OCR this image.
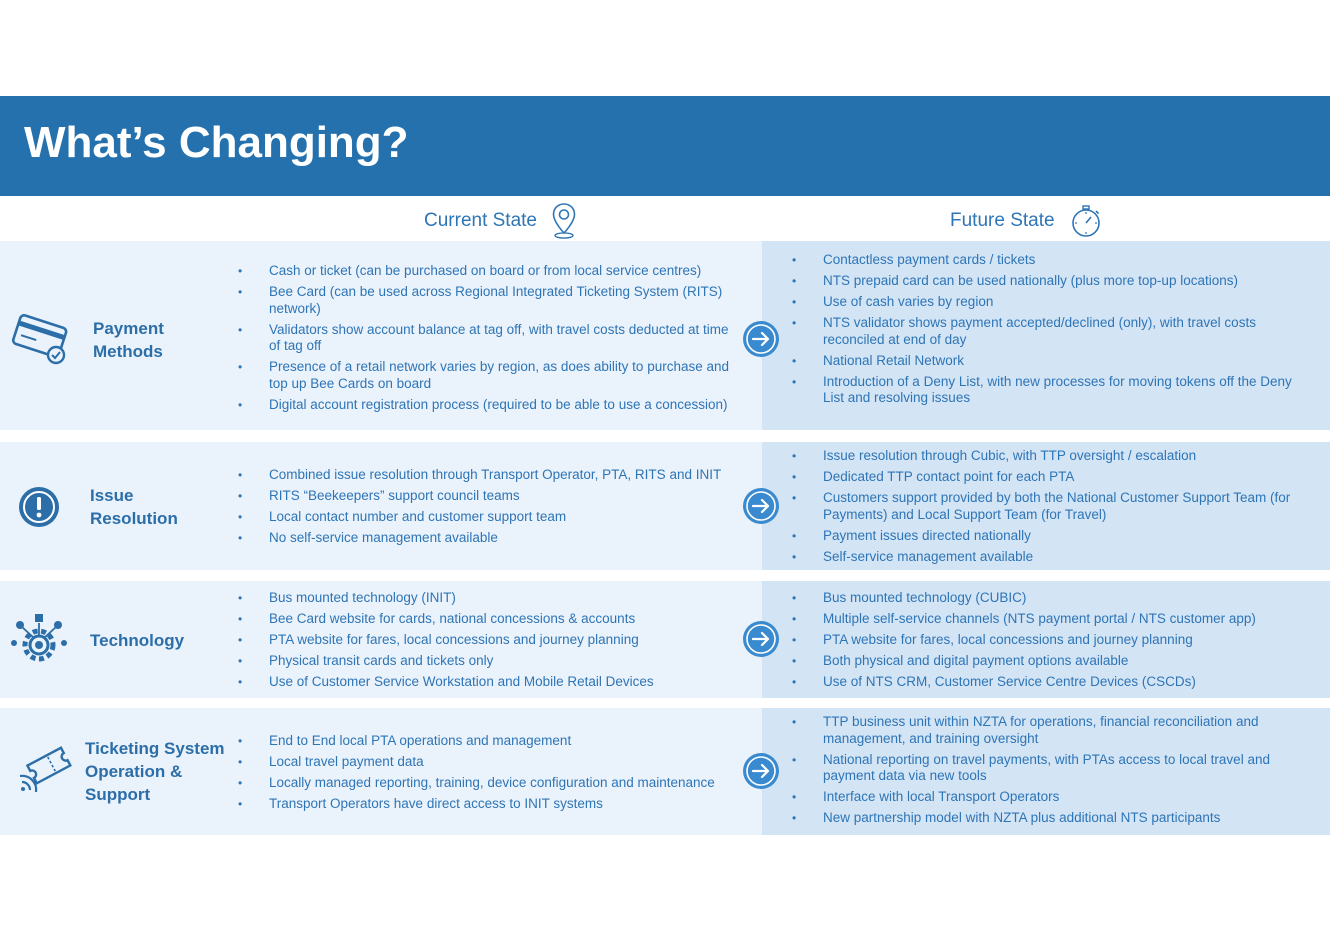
What’s Changing?
Current State	Future State
Payment Methods
• Cash or ticket (can be purchased on board or from local service centres)
• Bee Card (can be used across Regional Integrated Ticketing System (RITS) network)
• Validators show account balance at tag off, with travel costs deducted at time of tag off
• Presence of a retail network varies by region, as does ability to purchase and top up Bee Cards on board
• Digital account registration process (required to be able to use a concession)
• Contactless payment cards / tickets
• NTS prepaid card can be used nationally (plus more top-up locations)
• Use of cash varies by region
• NTS validator shows payment accepted/declined (only), with travel costs reconciled at end of day
• National Retail Network
• Introduction of a Deny List, with new processes for moving tokens off the Deny List and resolving issues
Issue Resolution
• Combined issue resolution through Transport Operator, PTA, RITS and INIT
• RITS “Beekeepers” support council teams
• Local contact number and customer support team
• No self-service management available
• Issue resolution through Cubic, with TTP oversight / escalation
• Dedicated TTP contact point for each PTA
• Customers support provided by both the National Customer Support Team (for Payments) and Local Support Team (for Travel)
• Payment issues directed nationally
• Self-service management available
Technology
• Bus mounted technology (INIT)
• Bee Card website for cards, national concessions & accounts
• PTA website for fares, local concessions and journey planning
• Physical transit cards and tickets only
• Use of Customer Service Workstation and Mobile Retail Devices
• Bus mounted technology (CUBIC)
• Multiple self-service channels (NTS payment portal / NTS customer app)
• PTA website for fares, local concessions and journey planning
• Both physical and digital payment options available
• Use of NTS CRM, Customer Service Centre Devices (CSCDs)
Ticketing System Operation & Support
• End to End local PTA operations and management
• Local travel payment data
• Locally managed reporting, training, device configuration and maintenance
• Transport Operators have direct access to INIT systems
• TTP business unit within NZTA for operations, financial reconciliation and management, and training oversight
• National reporting on travel payments, with PTAs access to local travel and payment data via new tools
• Interface with local Transport Operators
• New partnership model with NZTA plus additional NTS participants
